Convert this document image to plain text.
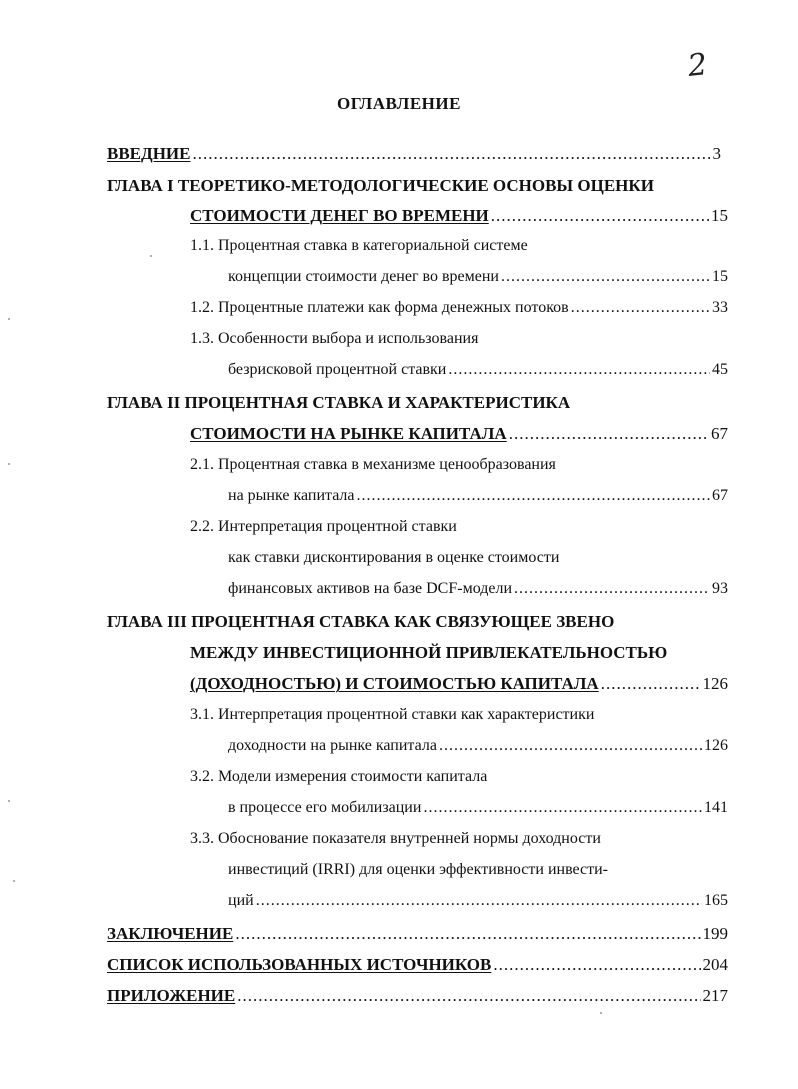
2
ОГЛАВЛЕНИЕ
ВВЕДНИЕ .....	3
ГЛАВА I ТЕОРЕТИКО-МЕТОДОЛОГИЧЕСКИЕ ОСНОВЫ ОЦЕНКИ
СТОИМОСТИ ДЕНЕГ ВО ВРЕМЕНИ .....	15
1.1. Процентная ставка в категориальной системе
концепции стоимости денег во времени .....	15
1.2. Процентные платежи как форма денежных потоков .....	33
1.3. Особенности выбора и использования
безрисковой процентной ставки .....	45
ГЛАВА II ПРОЦЕНТНАЯ СТАВКА И ХАРАКТЕРИСТИКА
СТОИМОСТИ НА РЫНКЕ КАПИТАЛА .....	67
2.1. Процентная ставка в механизме ценообразования
на рынке капитала .....	67
2.2. Интерпретация процентной ставки
как ставки дисконтирования в оценке стоимости
финансовых активов на базе DCF-модели .....	93
ГЛАВА III ПРОЦЕНТНАЯ СТАВКА КАК СВЯЗУЮЩЕЕ ЗВЕНО
МЕЖДУ ИНВЕСТИЦИОННОЙ ПРИВЛЕКАТЕЛЬНОСТЬЮ
(ДОХОДНОСТЬЮ) И СТОИМОСТЬЮ КАПИТАЛА .....	126
3.1. Интерпретация процентной ставки как характеристики
доходности на рынке капитала .....	126
3.2. Модели измерения стоимости капитала
в процессе его мобилизации .....	141
3.3. Обоснование показателя внутренней нормы доходности
инвестиций (IRRI) для оценки эффективности инвести-
ций .....	165
ЗАКЛЮЧЕНИЕ .....	199
СПИСОК ИСПОЛЬЗОВАННЫХ ИСТОЧНИКОВ .....	204
ПРИЛОЖЕНИЕ .....	217
